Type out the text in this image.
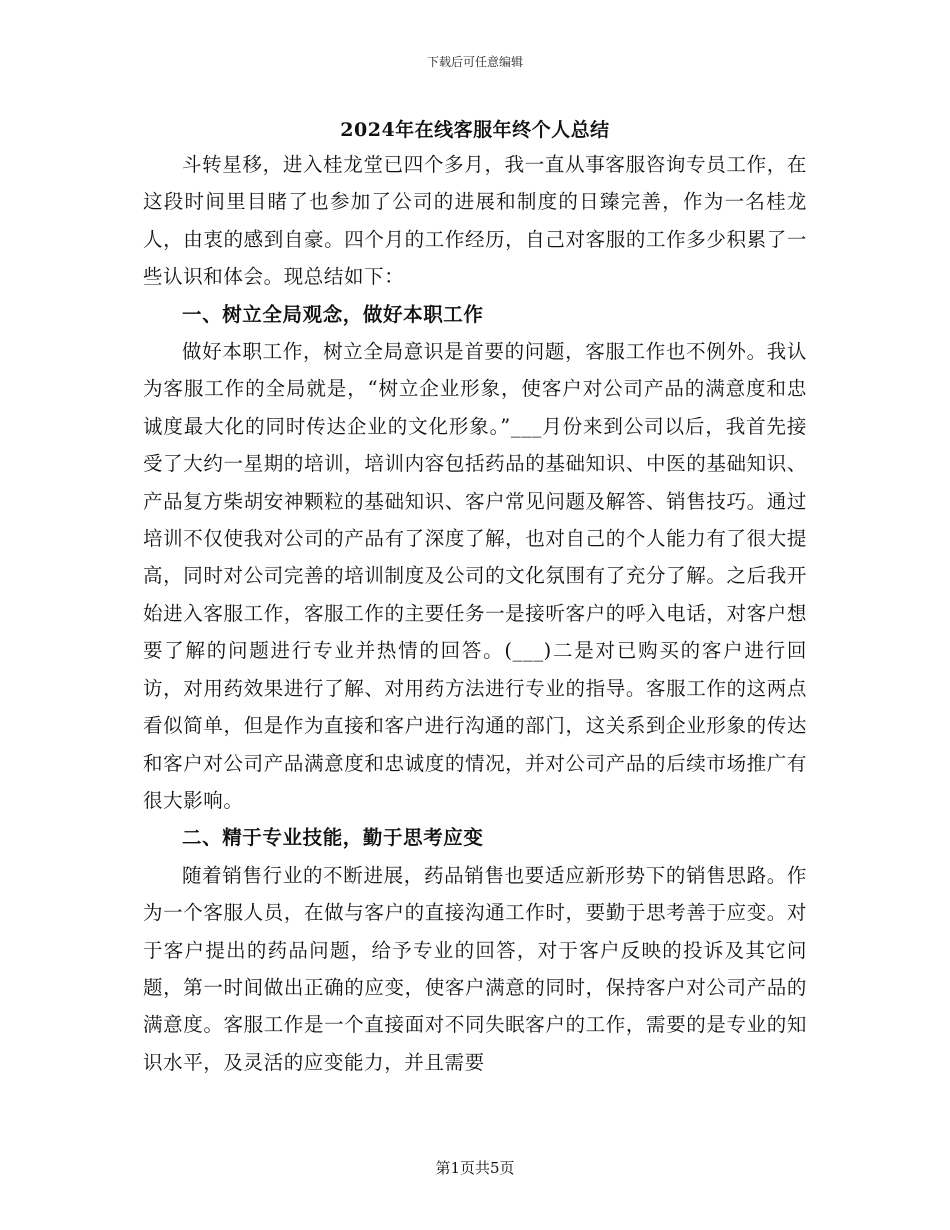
下载后可任意编辑
2024年在线客服年终个人总结

斗转星移，进入桂龙堂已四个多月，我一直从事客服咨询专员工作，在这段时间里目睹了也参加了公司的进展和制度的日臻完善，作为一名桂龙人，由衷的感到自豪。四个月的工作经历，自己对客服的工作多少积累了一些认识和体会。现总结如下：

一、树立全局观念，做好本职工作

做好本职工作，树立全局意识是首要的问题，客服工作也不例外。我认为客服工作的全局就是，“树立企业形象，使客户对公司产品的满意度和忠诚度最大化的同时传达企业的文化形象。”___月份来到公司以后，我首先接受了大约一星期的培训，培训内容包括药品的基础知识、中医的基础知识、产品复方柴胡安神颗粒的基础知识、客户常见问题及解答、销售技巧。通过培训不仅使我对公司的产品有了深度了解，也对自己的个人能力有了很大提高，同时对公司完善的培训制度及公司的文化氛围有了充分了解。之后我开始进入客服工作，客服工作的主要任务一是接听客户的呼入电话，对客户想要了解的问题进行专业并热情的回答。(___)二是对已购买的客户进行回访，对用药效果进行了解、对用药方法进行专业的指导。客服工作的这两点看似简单，但是作为直接和客户进行沟通的部门，这关系到企业形象的传达和客户对公司产品满意度和忠诚度的情况，并对公司产品的后续市场推广有很大影响。

二、精于专业技能，勤于思考应变

随着销售行业的不断进展，药品销售也要适应新形势下的销售思路。作为一个客服人员，在做与客户的直接沟通工作时，要勤于思考善于应变。对于客户提出的药品问题，给予专业的回答，对于客户反映的投诉及其它问题，第一时间做出正确的应变，使客户满意的同时，保持客户对公司产品的满意度。客服工作是一个直接面对不同失眠客户的工作，需要的是专业的知识水平，及灵活的应变能力，并且需要

第1页共5页
